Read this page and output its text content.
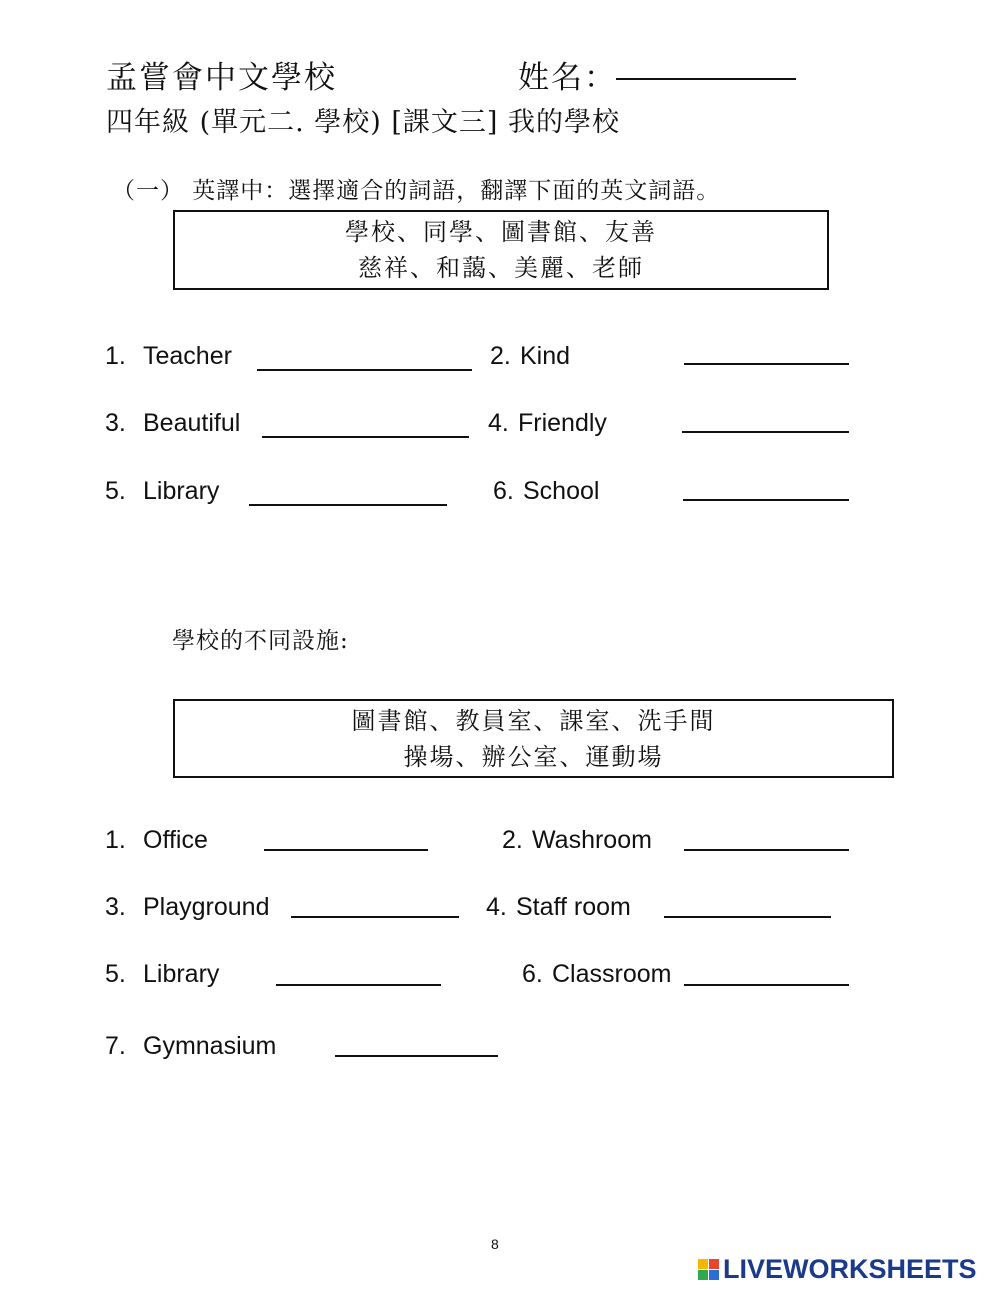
孟嘗會中文學校	姓名：
四年級 (單元二. 學校) [課文三] 我的學校
（一） 英譯中：選擇適合的詞語，翻譯下面的英文詞語。
學校、同學、圖書館、友善
慈祥、和藹、美麗、老師
1. Teacher	2. Kind
3. Beautiful	4. Friendly
5. Library	6. School
學校的不同設施:
圖書館、教員室、課室、洗手間
操場、辦公室、運動場
1. Office	2. Washroom
3. Playground	4. Staff room
5. Library	6. Classroom
7. Gymnasium
8
LIVEWORKSHEETS
